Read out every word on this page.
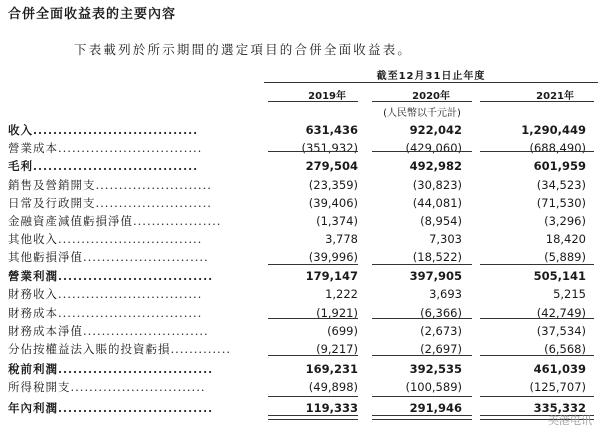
合併全面收益表的主要內容
下表載列於所示期間的選定項目的合併全面收益表。
截至12月31日止年度
2019年	2020年	2021年
(人民幣以千元計)
收入.................................	631,436	922,042	1,290,449
營業成本...............................	(351,932)	(429,060)	(688,490)
毛利.................................	279,504	492,982	601,959
銷售及營銷開支.........................	(23,359)	(30,823)	(34,523)
日常及行政開支.........................	(39,406)	(44,081)	(71,530)
金融資產減值虧損淨值...................	(1,374)	(8,954)	(3,296)
其他收入...............................	3,778	7,303	18,420
其他虧損淨值...........................	(39,996)	(18,522)	(5,889)
營業利潤...............................	179,147	397,905	505,141
財務收入...............................	1,222	3,693	5,215
財務成本...............................	(1,921)	(6,366)	(42,749)
財務成本淨值...........................	(699)	(2,673)	(37,534)
分佔按權益法入賬的投資虧損.............	(9,217)	(2,697)	(6,568)
稅前利潤...............................	169,231	392,535	461,039
所得稅開支.............................	(49,898)	(100,589)	(125,707)
年內利潤...............................	119,333	291,946	335,332
美港电讯
